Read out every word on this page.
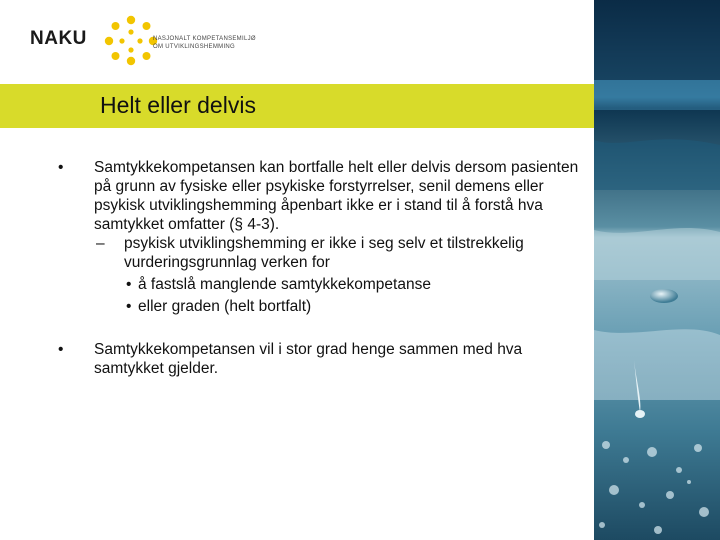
NAKU	NASJONALT KOMPETANSEMILJØ
OM UTVIKLINGSHEMMING
Helt eller delvis
• Samtykkekompetansen kan bortfalle helt eller delvis dersom pasienten på grunn av fysiske eller psykiske forstyrrelser, senil demens eller psykisk utviklingshemming åpenbart ikke er i stand til å forstå hva samtykket omfatter (§ 4-3).
– psykisk utviklingshemming er ikke i seg selv et tilstrekkelig vurderingsgrunnlag verken for
• å fastslå manglende samtykkekompetanse
• eller graden (helt bortfalt)
• Samtykkekompetansen vil i stor grad henge sammen med hva samtykket gjelder.
